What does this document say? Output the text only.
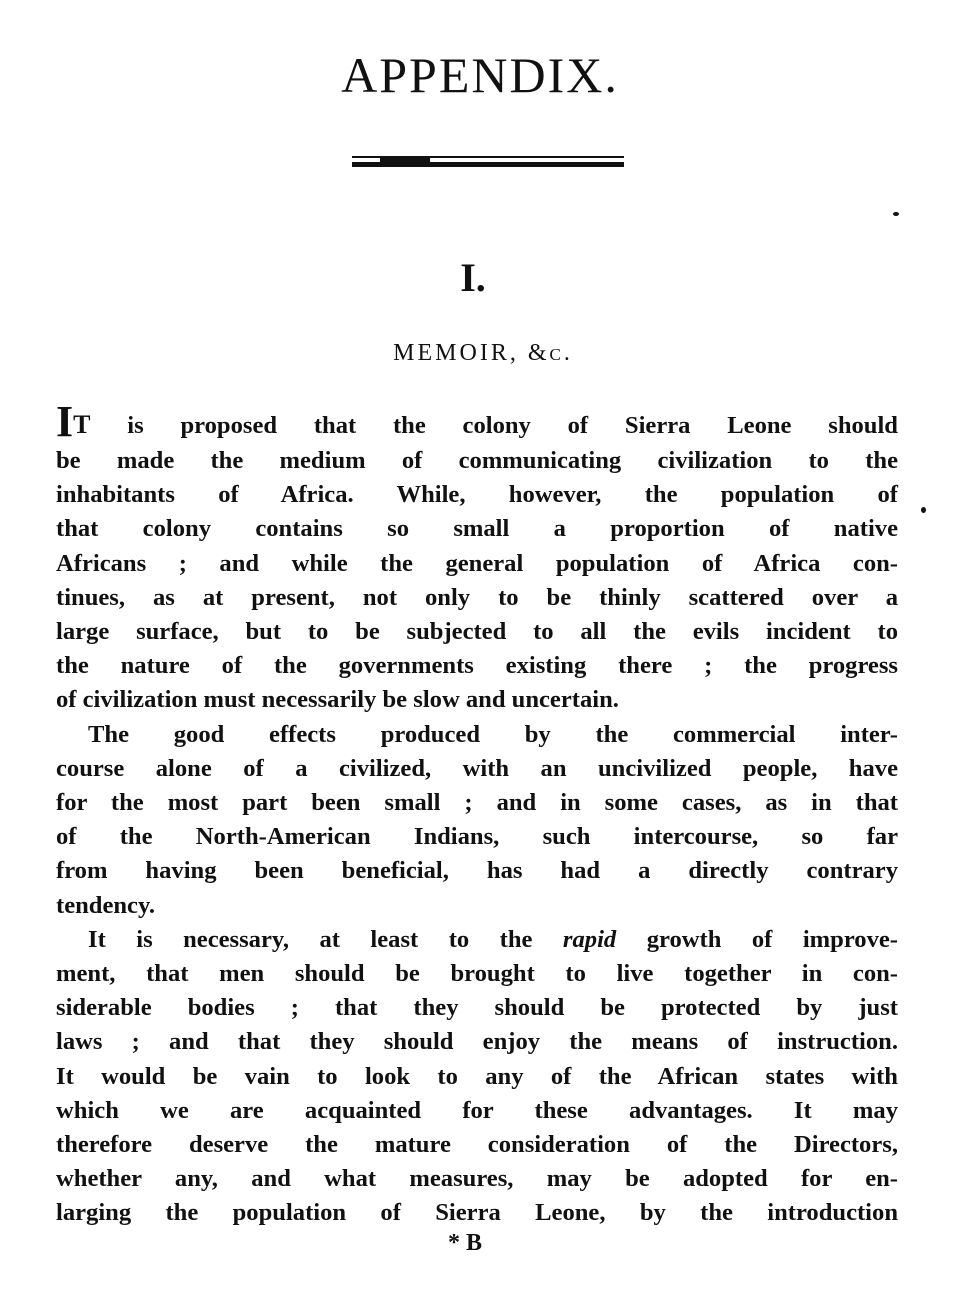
APPENDIX.
I.
MEMOIR, &c.
IT is proposed that the colony of Sierra Leone should
be made the medium of communicating civilization to the
inhabitants of Africa. While, however, the population of
that colony contains so small a proportion of native
Africans ; and while the general population of Africa con-
tinues, as at present, not only to be thinly scattered over a
large surface, but to be subjected to all the evils incident to
the nature of the governments existing there ; the progress
of civilization must necessarily be slow and uncertain.
The good effects produced by the commercial inter-
course alone of a civilized, with an uncivilized people, have
for the most part been small ; and in some cases, as in that
of the North-American Indians, such intercourse, so far
from having been beneficial, has had a directly contrary
tendency.
It is necessary, at least to the rapid growth of improve-
ment, that men should be brought to live together in con-
siderable bodies ; that they should be protected by just
laws ; and that they should enjoy the means of instruction.
It would be vain to look to any of the African states with
which we are acquainted for these advantages. It may
therefore deserve the mature consideration of the Directors,
whether any, and what measures, may be adopted for en-
larging the population of Sierra Leone, by the introduction
* B
